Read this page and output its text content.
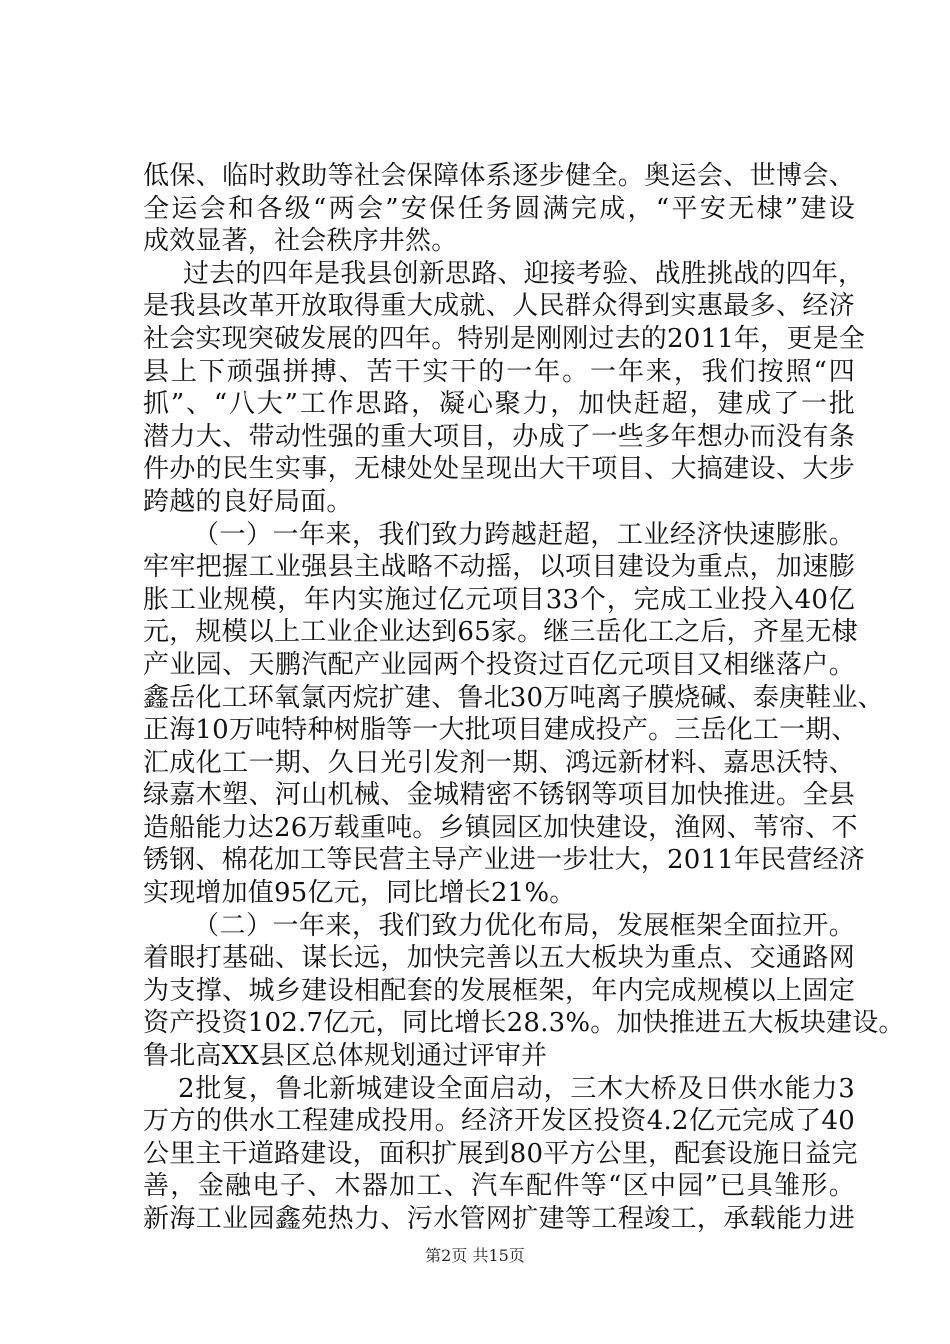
低保、临时救助等社会保障体系逐步健全。奥运会、世博会、
全运会和各级“两会”安保任务圆满完成，“平安无棣”建设
成效显著，社会秩序井然。
过去的四年是我县创新思路、迎接考验、战胜挑战的四年，
是我县改革开放取得重大成就、人民群众得到实惠最多、经济
社会实现突破发展的四年。特别是刚刚过去的2011年，更是全
县上下顽强拼搏、苦干实干的一年。一年来，我们按照“四
抓”、“八大”工作思路，凝心聚力，加快赶超，建成了一批
潜力大、带动性强的重大项目，办成了一些多年想办而没有条
件办的民生实事，无棣处处呈现出大干项目、大搞建设、大步
跨越的良好局面。
（一）一年来，我们致力跨越赶超，工业经济快速膨胀。
牢牢把握工业强县主战略不动摇，以项目建设为重点，加速膨
胀工业规模，年内实施过亿元项目33个，完成工业投入40亿
元，规模以上工业企业达到65家。继三岳化工之后，齐星无棣
产业园、天鹏汽配产业园两个投资过百亿元项目又相继落户。
鑫岳化工环氧氯丙烷扩建、鲁北30万吨离子膜烧碱、泰庚鞋业、
正海10万吨特种树脂等一大批项目建成投产。三岳化工一期、
汇成化工一期、久日光引发剂一期、鸿远新材料、嘉思沃特、
绿嘉木塑、河山机械、金城精密不锈钢等项目加快推进。全县
造船能力达26万载重吨。乡镇园区加快建设，渔网、苇帘、不
锈钢、棉花加工等民营主导产业进一步壮大，2011年民营经济
实现增加值95亿元，同比增长21%。
（二）一年来，我们致力优化布局，发展框架全面拉开。
着眼打基础、谋长远，加快完善以五大板块为重点、交通路网
为支撑、城乡建设相配套的发展框架，年内完成规模以上固定
资产投资102.7亿元，同比增长28.3%。加快推进五大板块建设。
鲁北高XX县区总体规划通过评审并
2批复，鲁北新城建设全面启动，三木大桥及日供水能力3
万方的供水工程建成投用。经济开发区投资4.2亿元完成了40
公里主干道路建设，面积扩展到80平方公里，配套设施日益完
善，金融电子、木器加工、汽车配件等“区中园”已具雏形。
新海工业园鑫苑热力、污水管网扩建等工程竣工，承载能力进
第2页 共15页
